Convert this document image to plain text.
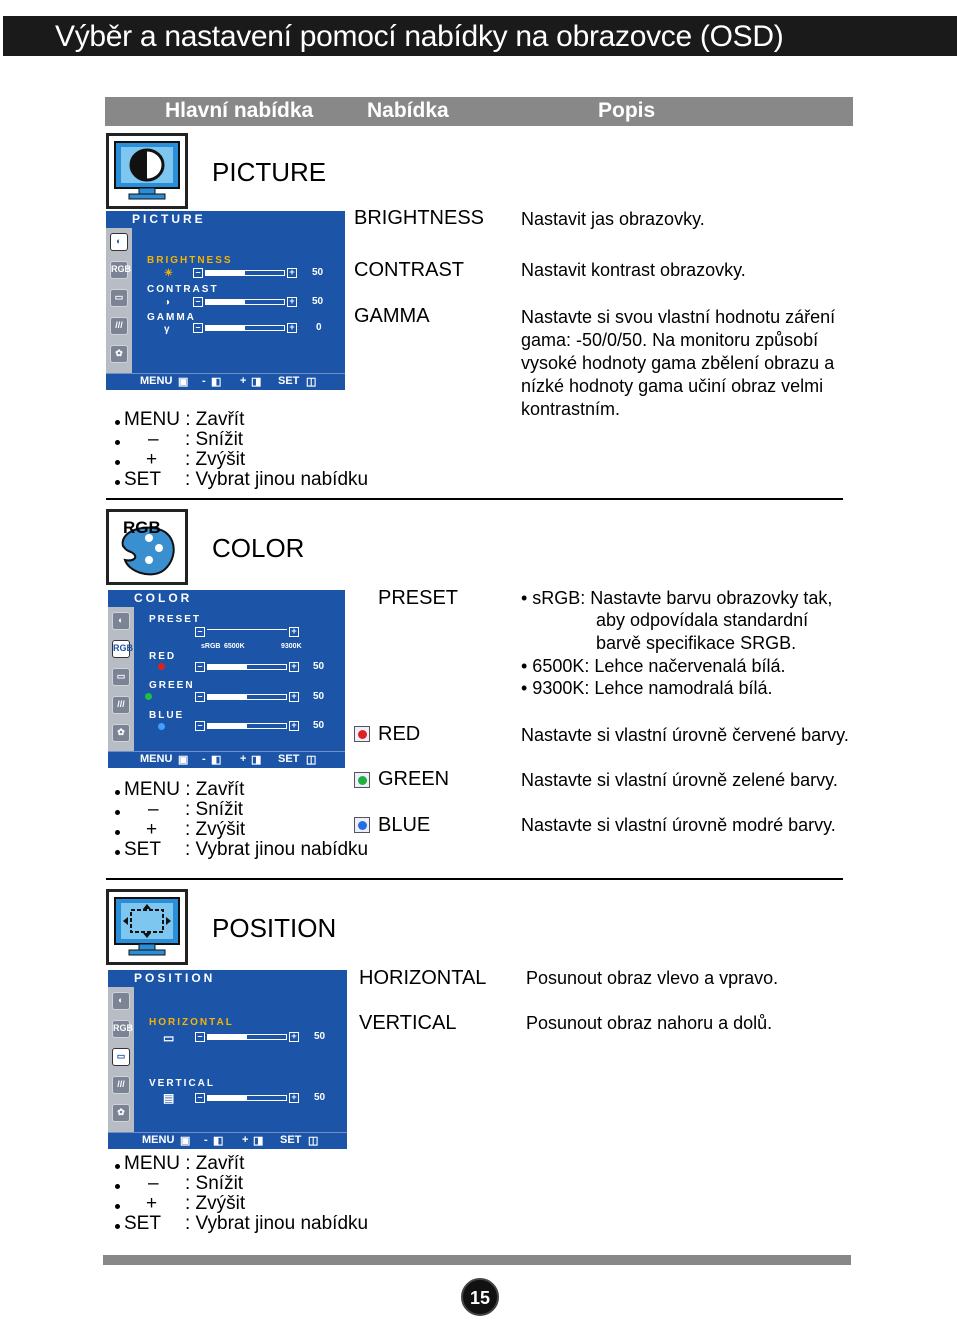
Výběr a nastavení pomocí nabídky na obrazovce (OSD)
Hlavní nabídka	Nabídka	Popis
PICTURE
PICTURE
◐
RGB
▭
///
✿
BRIGHTNESS
☀	–	+ 50
CONTRAST
◑	–	+ 50
GAMMA
γ	–	+ 0
MENU ▣ - ◧ + ◨ SET ◫
BRIGHTNESS Nastavit jas obrazovky.
CONTRAST	Nastavit kontrast obrazovky.
GAMMA	Nastavte si svou vlastní hodnotu záření gama: -50/0/50. Na monitoru způsobí vysoké hodnoty gama zbělení obrazu a nízké hodnoty gama učiní obraz velmi kontrastním.
MENU : Zavřít
– : Snížit
+ : Zvýšit
SET : Vybrat jinou nabídku
RGB
COLOR
COLOR
◐
RGB
▭
///
✿
PRESET
–	+
sRGB 6500K	9300K
RED
–	+ 50
GREEN
–	+ 50
BLUE
–	+ 50
MENU ▣ - ◧ + ◨ SET ◫
PRESET	• sRGB: Nastavte barvu obrazovky tak,
aby odpovídala standardní
barvě specifikace SRGB.
• 6500K: Lehce načervenalá bílá.
• 9300K: Lehce namodralá bílá.
RED	Nastavte si vlastní úrovně červené barvy.
GREEN	Nastavte si vlastní úrovně zelené barvy.
BLUE	Nastavte si vlastní úrovně modré barvy.
MENU : Zavřít
– : Snížit
+ : Zvýšit
SET : Vybrat jinou nabídku
POSITION
POSITION
◐
RGB
▭
///
✿
HORIZONTAL
▭	–	+ 50
VERTICAL
▤	–	+ 50
MENU ▣ - ◧ + ◨ SET ◫
HORIZONTAL Posunout obraz vlevo a vpravo.
VERTICAL	Posunout obraz nahoru a dolů.
MENU : Zavřít
– : Snížit
+ : Zvýšit
SET : Vybrat jinou nabídku
15
